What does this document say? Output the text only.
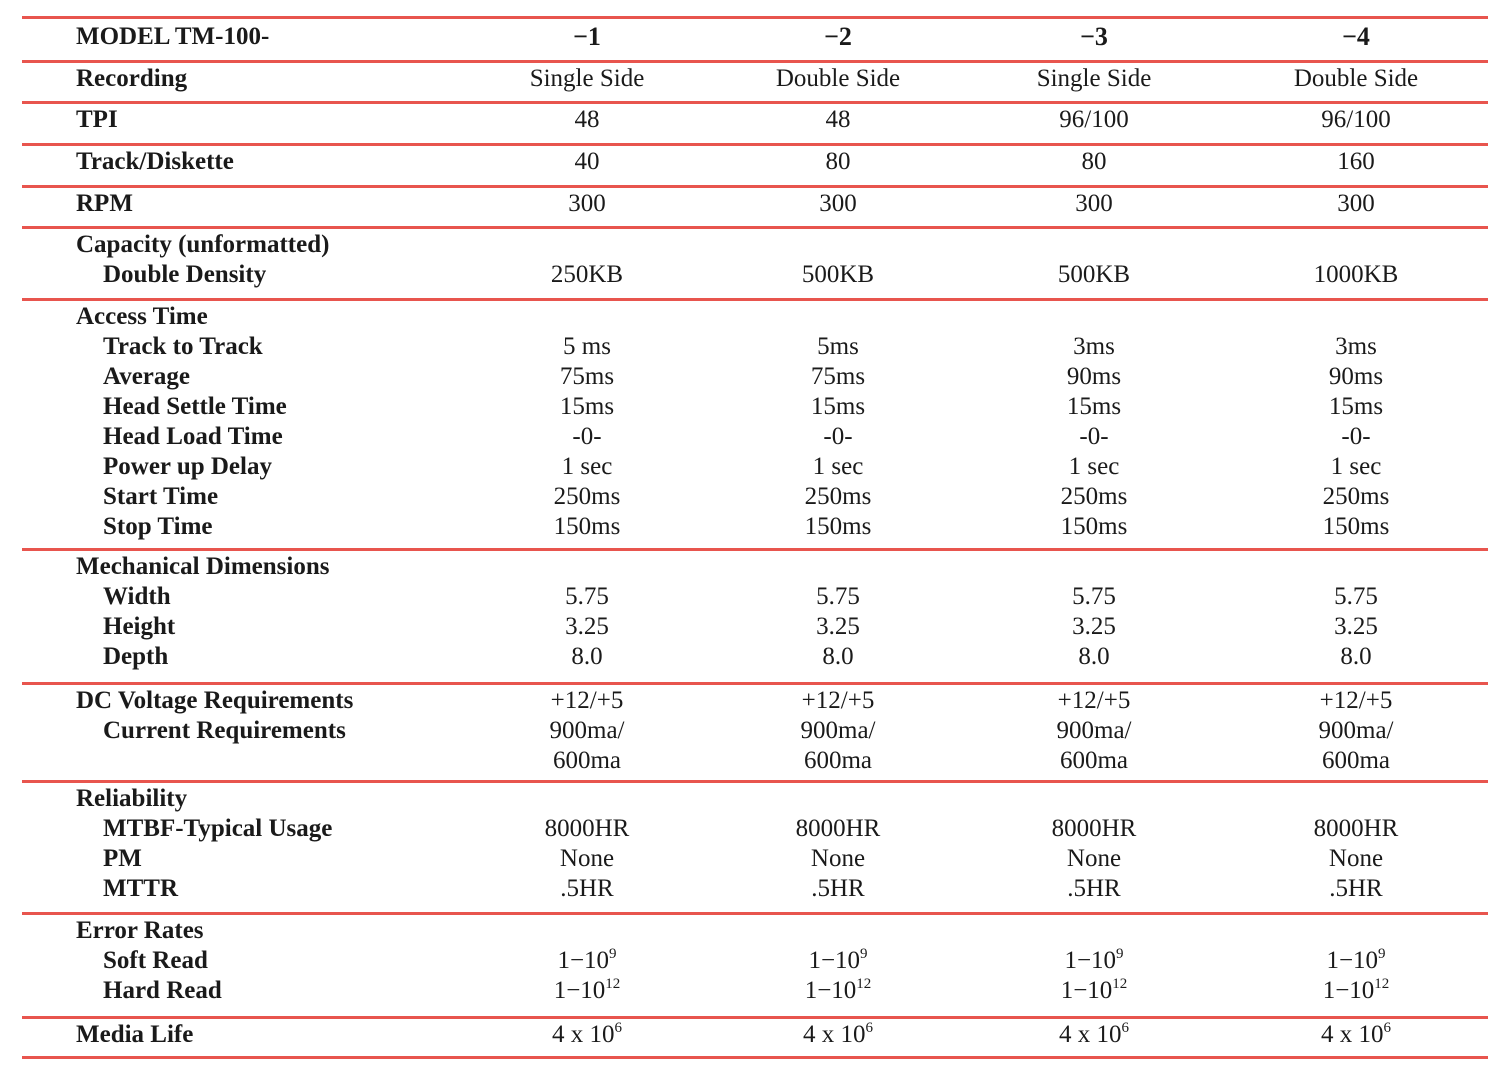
MODEL TM-100-	−1	−2	−3	−4
Recording	Single Side	Double Side	Single Side	Double Side
TPI	48	48	96/100	96/100
Track/Diskette	40	80	80	160
RPM	300	300	300	300
Capacity (unformatted)
Double Density	250KB	500KB	500KB	1000KB
Access Time
Track to Track	5 ms	5ms	3ms	3ms
Average	75ms	75ms	90ms	90ms
Head Settle Time	15ms	15ms	15ms	15ms
Head Load Time	-0-	-0-	-0-	-0-
Power up Delay	1 sec	1 sec	1 sec	1 sec
Start Time	250ms	250ms	250ms	250ms
Stop Time	150ms	150ms	150ms	150ms
Mechanical Dimensions
Width	5.75	5.75	5.75	5.75
Height	3.25	3.25	3.25	3.25
Depth	8.0	8.0	8.0	8.0
DC Voltage Requirements	+12/+5	+12/+5	+12/+5	+12/+5
Current Requirements	900ma/	900ma/	900ma/	900ma/
600ma	600ma	600ma	600ma
Reliability
MTBF-Typical Usage	8000HR	8000HR	8000HR	8000HR
PM	None	None	None	None
MTTR	.5HR	.5HR	.5HR	.5HR
Error Rates
Soft Read	$1-10^9$	$1-10^9$	$1-10^9$	$1-10^9$
Hard Read	$1-10^{12}$	$1-10^{12}$	$1-10^{12}$	$1-10^{12}$
Media Life	4 x $10^6$	4 x $10^6$	4 x $10^6$	4 x $10^6$
